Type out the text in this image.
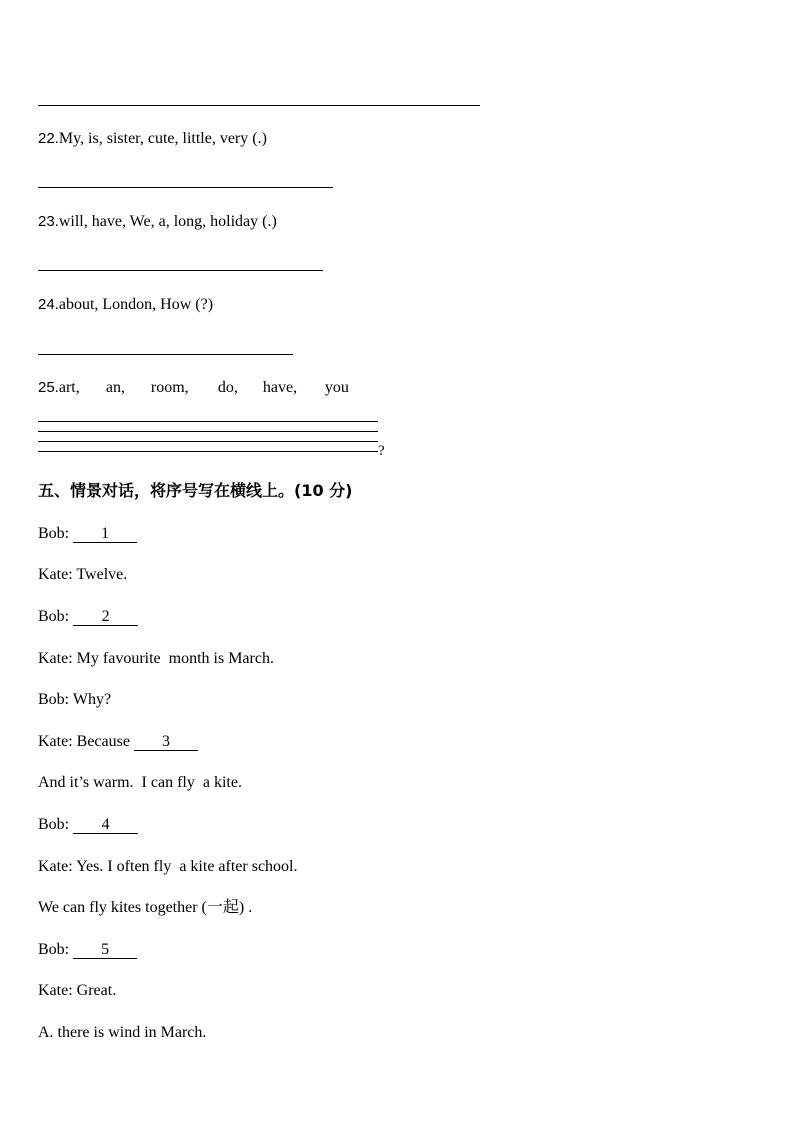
22.My, is, sister, cute, little, very (.)
23.will, have, We, a, long, holiday (.)
24.about, London, How (?)
25.art, an, room, do, have, you
?
五、情景对话，将序号写在横线上。(10 分)
Bob: 1
Kate: Twelve.
Bob: 2
Kate: My favourite  month is March.
Bob: Why?
Kate: Because 3
And it’s warm.  I can fly  a kite.
Bob: 4
Kate: Yes. I often fly  a kite after school.
We can fly kites together (一起) .
Bob: 5
Kate: Great.
A. there is wind in March.
